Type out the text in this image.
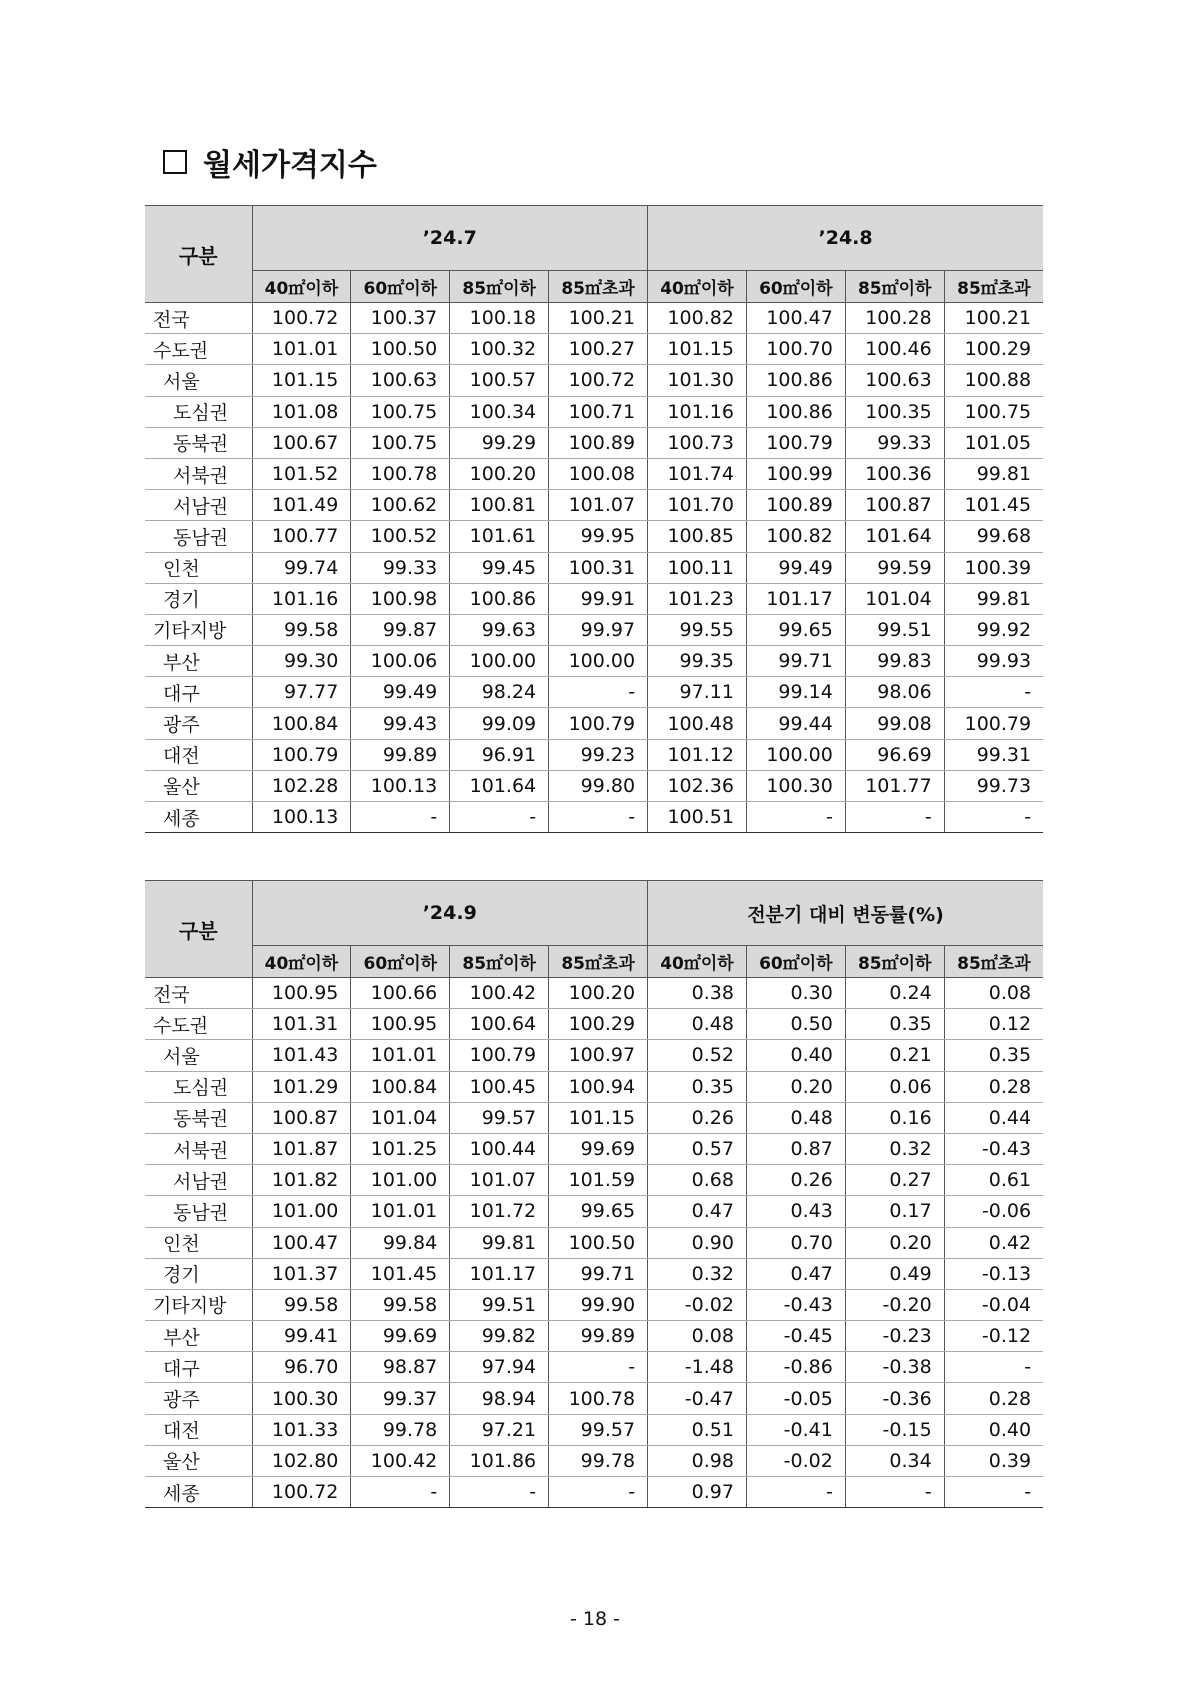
월세가격지수
구분	’24.7				’24.8			
	40㎡이하	60㎡이하	85㎡이하	85㎡초과	40㎡이하	60㎡이하	85㎡이하	85㎡초과
전국	100.72	100.37	100.18	100.21	100.82	100.47	100.28	100.21
수도권	101.01	100.50	100.32	100.27	101.15	100.70	100.46	100.29
서울	101.15	100.63	100.57	100.72	101.30	100.86	100.63	100.88
도심권	101.08	100.75	100.34	100.71	101.16	100.86	100.35	100.75
동북권	100.67	100.75	99.29	100.89	100.73	100.79	99.33	101.05
서북권	101.52	100.78	100.20	100.08	101.74	100.99	100.36	99.81
서남권	101.49	100.62	100.81	101.07	101.70	100.89	100.87	101.45
동남권	100.77	100.52	101.61	99.95	100.85	100.82	101.64	99.68
인천	99.74	99.33	99.45	100.31	100.11	99.49	99.59	100.39
경기	101.16	100.98	100.86	99.91	101.23	101.17	101.04	99.81
기타지방	99.58	99.87	99.63	99.97	99.55	99.65	99.51	99.92
부산	99.30	100.06	100.00	100.00	99.35	99.71	99.83	99.93
대구	97.77	99.49	98.24	-	97.11	99.14	98.06	-
광주	100.84	99.43	99.09	100.79	100.48	99.44	99.08	100.79
대전	100.79	99.89	96.91	99.23	101.12	100.00	96.69	99.31
울산	102.28	100.13	101.64	99.80	102.36	100.30	101.77	99.73
세종	100.13	-	-	-	100.51	-	-	-
구분	’24.9				전분기 대비 변동률(%)			
	40㎡이하	60㎡이하	85㎡이하	85㎡초과	40㎡이하	60㎡이하	85㎡이하	85㎡초과
전국	100.95	100.66	100.42	100.20	0.38	0.30	0.24	0.08
수도권	101.31	100.95	100.64	100.29	0.48	0.50	0.35	0.12
서울	101.43	101.01	100.79	100.97	0.52	0.40	0.21	0.35
도심권	101.29	100.84	100.45	100.94	0.35	0.20	0.06	0.28
동북권	100.87	101.04	99.57	101.15	0.26	0.48	0.16	0.44
서북권	101.87	101.25	100.44	99.69	0.57	0.87	0.32	-0.43
서남권	101.82	101.00	101.07	101.59	0.68	0.26	0.27	0.61
동남권	101.00	101.01	101.72	99.65	0.47	0.43	0.17	-0.06
인천	100.47	99.84	99.81	100.50	0.90	0.70	0.20	0.42
경기	101.37	101.45	101.17	99.71	0.32	0.47	0.49	-0.13
기타지방	99.58	99.58	99.51	99.90	-0.02	-0.43	-0.20	-0.04
부산	99.41	99.69	99.82	99.89	0.08	-0.45	-0.23	-0.12
대구	96.70	98.87	97.94	-	-1.48	-0.86	-0.38	-
광주	100.30	99.37	98.94	100.78	-0.47	-0.05	-0.36	0.28
대전	101.33	99.78	97.21	99.57	0.51	-0.41	-0.15	0.40
울산	102.80	100.42	101.86	99.78	0.98	-0.02	0.34	0.39
세종	100.72	-	-	-	0.97	-	-	-
- 18 -
